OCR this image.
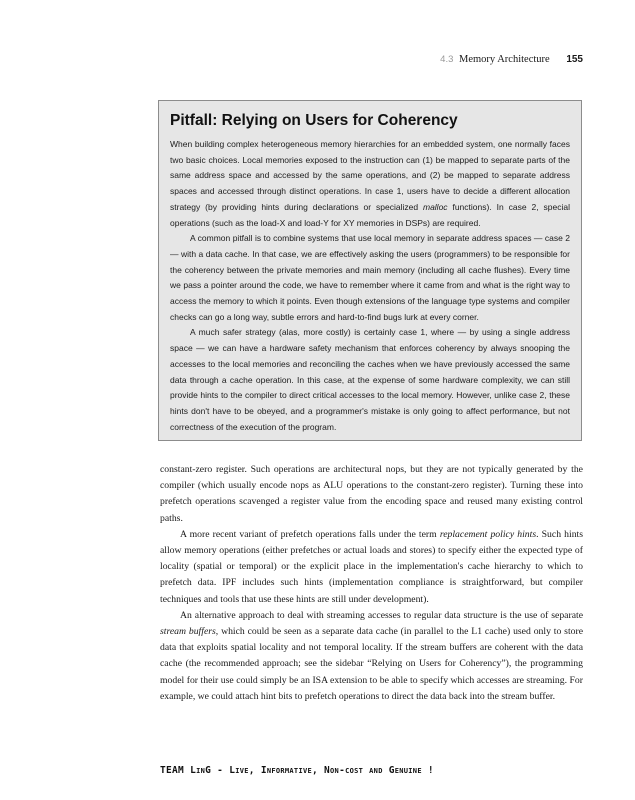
4.3 Memory Architecture 155
Pitfall: Relying on Users for Coherency

When building complex heterogeneous memory hierarchies for an embedded system, one normally faces two basic choices. Local memories exposed to the instruction can (1) be mapped to separate parts of the same address space and accessed by the same operations, and (2) be mapped to separate address spaces and accessed through distinct operations. In case 1, users have to decide a different allocation strategy (by providing hints during declarations or specialized malloc functions). In case 2, special operations (such as the load-X and load-Y for XY memories in DSPs) are required.

A common pitfall is to combine systems that use local memory in separate address spaces — case 2 — with a data cache. In that case, we are effectively asking the users (programmers) to be responsible for the coherency between the private memories and main memory (including all cache flushes). Every time we pass a pointer around the code, we have to remember where it came from and what is the right way to access the memory to which it points. Even though extensions of the language type systems and compiler checks can go a long way, subtle errors and hard-to-find bugs lurk at every corner.

A much safer strategy (alas, more costly) is certainly case 1, where — by using a single address space — we can have a hardware safety mechanism that enforces coherency by always snooping the accesses to the local memories and reconciling the caches when we have previously accessed the same data through a cache operation. In this case, at the expense of some hardware complexity, we can still provide hints to the compiler to direct critical accesses to the local memory. However, unlike case 2, these hints don't have to be obeyed, and a programmer's mistake is only going to affect performance, but not correctness of the execution of the program.

constant-zero register. Such operations are architectural nops, but they are not typically generated by the compiler (which usually encode nops as ALU operations to the constant-zero register). Turning these into prefetch operations scavenged a register value from the encoding space and reused many existing control paths.

A more recent variant of prefetch operations falls under the term replacement policy hints. Such hints allow memory operations (either prefetches or actual loads and stores) to specify either the expected type of locality (spatial or temporal) or the explicit place in the implementation's cache hierarchy to which to prefetch data. IPF includes such hints (implementation compliance is straightforward, but compiler techniques and tools that use these hints are still under development).

An alternative approach to deal with streaming accesses to regular data structure is the use of separate stream buffers, which could be seen as a separate data cache (in parallel to the L1 cache) used only to store data that exploits spatial locality and not temporal locality. If the stream buffers are coherent with the data cache (the recommended approach; see the sidebar “Relying on Users for Coherency”), the programming model for their use could simply be an ISA extension to be able to specify which accesses are streaming. For example, we could attach hint bits to prefetch operations to direct the data back into the stream buffer.

TEAM LinG - Live, Informative, Non-cost and Genuine !
